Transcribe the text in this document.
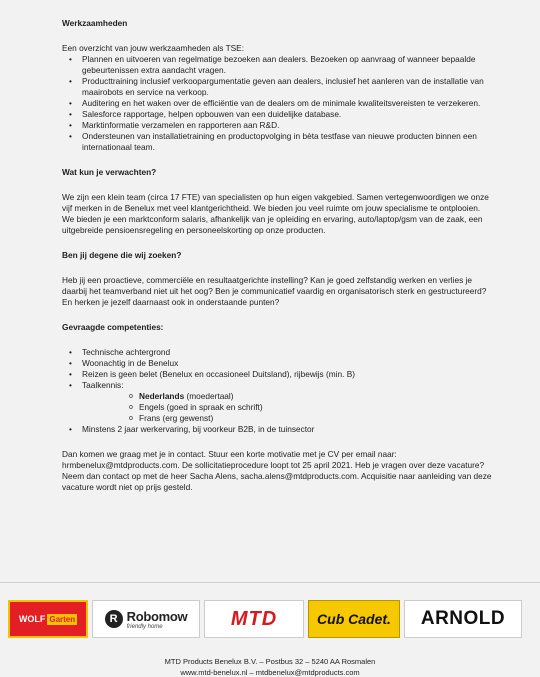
Werkzaamheden

Een overzicht van jouw werkzaamheden als TSE:

• Plannen en uitvoeren van regelmatige bezoeken aan dealers. Bezoeken op aanvraag of wanneer bepaalde gebeurtenissen extra aandacht vragen.
• Producttraining inclusief verkoopargumentatie geven aan dealers, inclusief het aanleren van de installatie van maairobots en service na verkoop.
• Auditering en het waken over de efficiëntie van de dealers om de minimale kwaliteitsvereisten te verzekeren.
• Salesforce rapportage, helpen opbouwen van een duidelijke database.
• Marktinformatie verzamelen en rapporteren aan R&D.
• Ondersteunen van installatietraining en productopvolging in bèta testfase van nieuwe producten binnen een internationaal team.

Wat kun je verwachten?

We zijn een klein team (circa 17 FTE) van specialisten op hun eigen vakgebied. Samen vertegenwoordigen we onze vijf merken in de Benelux met veel klantgerichtheid. We bieden jou veel ruimte om jouw specialisme te ontplooien. We bieden je een marktconform salaris, afhankelijk van je opleiding en ervaring, auto/laptop/gsm van de zaak, een uitgebreide pensioensregeling en personeelskorting op onze producten.

Ben jij degene die wij zoeken?

Heb jij een proactieve, commerciële en resultaatgerichte instelling? Kan je goed zelfstandig werken en verlies je daarbij het teamverband niet uit het oog? Ben je communicatief vaardig en organisatorisch sterk en gestructureerd? En herken je jezelf daarnaast ook in onderstaande punten?

Gevraagde competenties:

• Technische achtergrond
• Woonachtig in de Benelux
• Reizen is geen belet (Benelux en occasioneel Duitsland), rijbewijs (min. B)
• Taalkennis:
o Nederlands (moedertaal)
o Engels (goed in spraak en schrift)
o Frans (erg gewenst)
• Minstens 2 jaar werkervaring, bij voorkeur B2B, in de tuinsector

Dan komen we graag met je in contact. Stuur een korte motivatie met je CV per email naar: hrmbenelux@mtdproducts.com. De sollicitatieprocedure loopt tot 25 april 2021. Heb je vragen over deze vacature? Neem dan contact op met de heer Sacha Alens, sacha.alens@mtdproducts.com. Acquisitie naar aanleiding van deze vacature wordt niet op prijs gesteld.

WOLF Garten	R Robomow
friendly home	MTD	Cub Cadet.	ARNOLD
MTD Products Benelux B.V. – Postbus 32 – 5240 AA Rosmalen
www.mtd-benelux.nl – mtdbenelux@mtdproducts.com
